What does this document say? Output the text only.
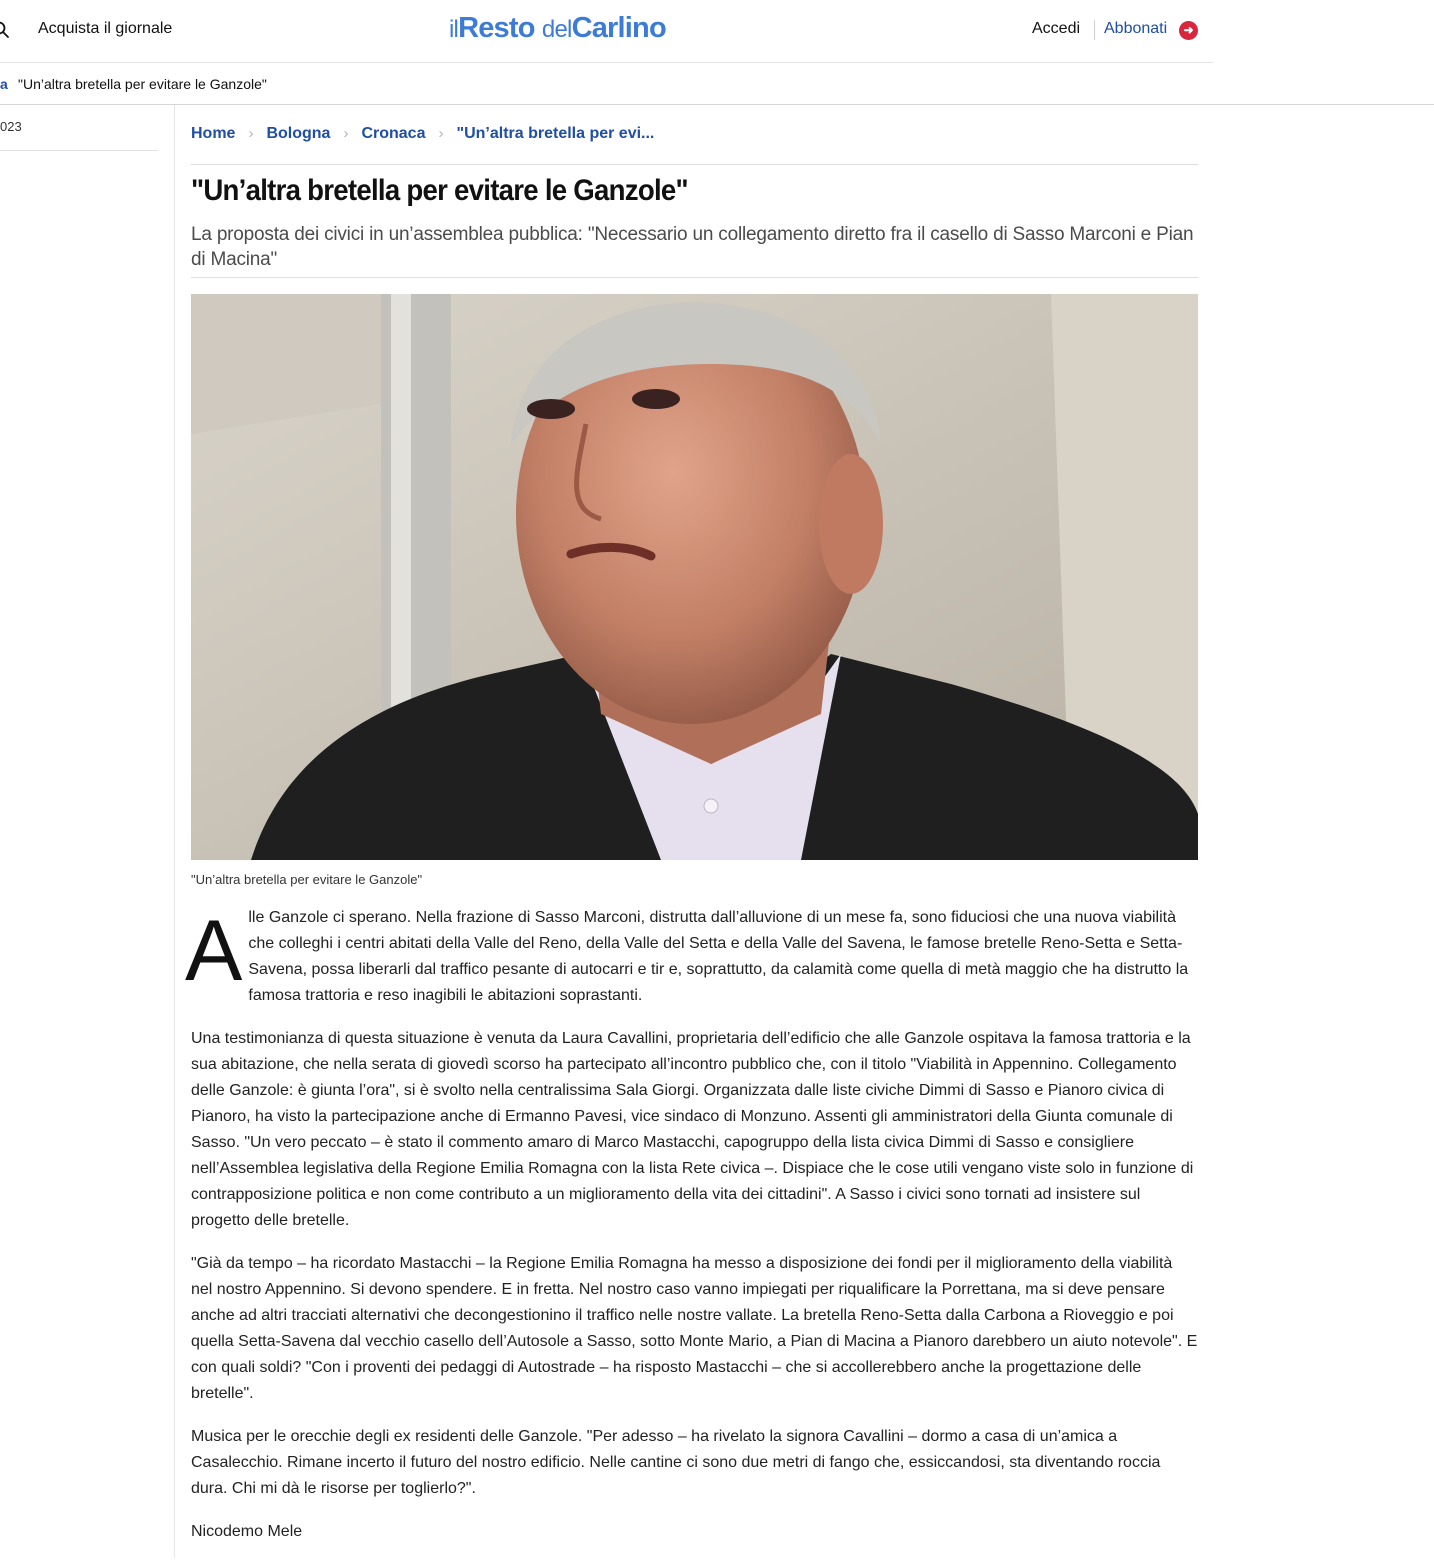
Acquista il giornale	ilResto delCarlino	Accedi Abbonati	➜
a "Un’altra bretella per evitare le Ganzole"
023	Home › Bologna › Cronaca › "Un’altra bretella per evi...
"Un’altra bretella per evitare le Ganzole"

La proposta dei civici in un’assemblea pubblica: "Necessario un collegamento diretto fra il casello di Sasso Marconi e Pian di Macina"

"Un’altra bretella per evitare le Ganzole"

Alle Ganzole ci sperano. Nella frazione di Sasso Marconi, distrutta dall’alluvione di un mese fa, sono fiduciosi che una nuova viabilità che colleghi i centri abitati della Valle del Reno, della Valle del Setta e della Valle del Savena, le famose bretelle Reno-Setta e Setta-Savena, possa liberarli dal traffico pesante di autocarri e tir e, soprattutto, da calamità come quella di metà maggio che ha distrutto la famosa trattoria e reso inagibili le abitazioni soprastanti.

Una testimonianza di questa situazione è venuta da Laura Cavallini, proprietaria dell’edificio che alle Ganzole ospitava la famosa trattoria e la sua abitazione, che nella serata di giovedì scorso ha partecipato all’incontro pubblico che, con il titolo "Viabilità in Appennino. Collegamento delle Ganzole: è giunta l’ora", si è svolto nella centralissima Sala Giorgi. Organizzata dalle liste civiche Dimmi di Sasso e Pianoro civica di Pianoro, ha visto la partecipazione anche di Ermanno Pavesi, vice sindaco di Monzuno. Assenti gli amministratori della Giunta comunale di Sasso. "Un vero peccato – è stato il commento amaro di Marco Mastacchi, capogruppo della lista civica Dimmi di Sasso e consigliere nell’Assemblea legislativa della Regione Emilia Romagna con la lista Rete civica –. Dispiace che le cose utili vengano viste solo in funzione di contrapposizione politica e non come contributo a un miglioramento della vita dei cittadini". A Sasso i civici sono tornati ad insistere sul progetto delle bretelle.

"Già da tempo – ha ricordato Mastacchi – la Regione Emilia Romagna ha messo a disposizione dei fondi per il miglioramento della viabilità nel nostro Appennino. Si devono spendere. E in fretta. Nel nostro caso vanno impiegati per riqualificare la Porrettana, ma si deve pensare anche ad altri tracciati alternativi che decongestionino il traffico nelle nostre vallate. La bretella Reno-Setta dalla Carbona a Rioveggio e poi quella Setta-Savena dal vecchio casello dell’Autosole a Sasso, sotto Monte Mario, a Pian di Macina a Pianoro darebbero un aiuto notevole". E con quali soldi? "Con i proventi dei pedaggi di Autostrade – ha risposto Mastacchi – che si accollerebbero anche la progettazione delle bretelle".

Musica per le orecchie degli ex residenti delle Ganzole. "Per adesso – ha rivelato la signora Cavallini – dormo a casa di un’amica a Casalecchio. Rimane incerto il futuro del nostro edificio. Nelle cantine ci sono due metri di fango che, essiccandosi, sta diventando roccia dura. Chi mi dà le risorse per toglierlo?".

Nicodemo Mele
